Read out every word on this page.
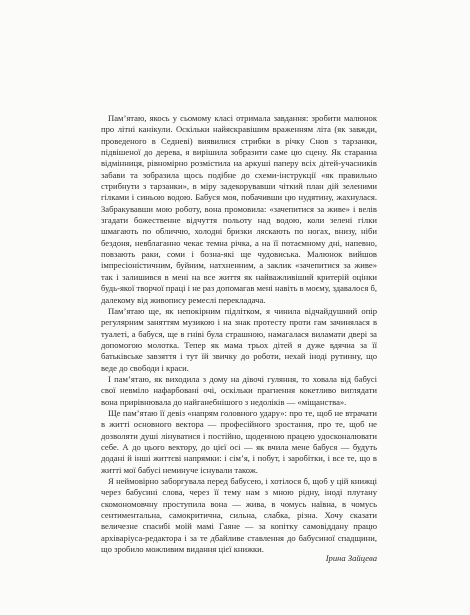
Пам’ятаю, якось у сьомому класі отримала завдання: зробити малюнок про літні канікули. Оскільки найяскравішим враженням літа (як завжди, проведеного в Седневі) виявилися стрибки в річку Снов з тарзанки, підвішеної до дерева, я вирішила зобразити саме цю сцену. Як старанна відмінниця, рівномірно розмістила на аркуші паперу всіх дітей-учасників забави та зобразила щось подібне до схеми-інструкції «як правильно стрибнути з тарзанки», в міру задекорувавши чіткий план дій зеленими гілками і синьою водою. Бабуся моя, побачивши цю нудятину, жахнулася. Забракувавши мою роботу, вона промовила: «зачепитися за живе» і велів згадати божественне відчуття польоту над водою, коли зелені гілки шмагають по обличчю, холодні бризки ляскають по ногах, внизу, ніби бездоня, невблаганно чекає темна річка, а на її потаємному дні, напевно, повзають раки, соми і бозна-які ще чудовиська. Малюнок вийшов імпресіоністичним, буйним, натхненним, а заклик «зачепитися за живе» так і залишився в мені на все життя як найважливіший критерій оцінки будь-якої творчої праці і не раз допомагав мені навіть в моєму, здавалося б, далекому від живопису ремеслі перекладача.

Пам’ятаю ще, як непокірним підлітком, я чинила відчайдушний опір регулярним заняттям музикою і на знак протесту проти гам зачинялася в туалеті, а бабуся, ще в гніві була страшною, намагалася виламати двері за допомогою молотка. Тепер як мама трьох дітей я дуже вдячна за її батьківське завзяття і тут їй звичку до роботи, нехай іноді рутинну, що веде до свободи і краси.

І пам’ятаю, як виходила з дому на дівочі гуляння, то ховала від бабусі свої невміло нафарбовані очі, оскільки прагнення кокетливо виглядати вона прирівнювала до найганебнішого з недоліків — «міщанства».

Ще пам’ятаю її девіз «напрям головного удару»: про те, щоб не втрачати в житті основного вектора — професійного зростання, про те, щоб не дозволяти душі лінуватися і постійно, щоденною працею удосконалювати себе. А до цього вектору, до цієї осі — як вчила мене бабуся — будуть додані й інші життєві напрямки: і сім’я, і побут, і заробітки, і все те, що в житті мої бабусі неминуче існували також.

Я неймовірно заборгувала перед бабусею, і хотілося б, щоб у цій книжці через бабусині слова, через її тему нам з мною рідну, іноді плутану скомономовчну проступила вона — жива, в чомусь наївна, в чомусь сентиментальна, самокритична, сильна, слабка, різна. Хочу сказати величезне спасибі моїй мамі Гаяне — за копітку самовіддану працю архіваріуса-редактора і за те дбайливе ставлення до бабусиної спадщини, що зробило можливим видання цієї книжки.

Ірина Зайцева
